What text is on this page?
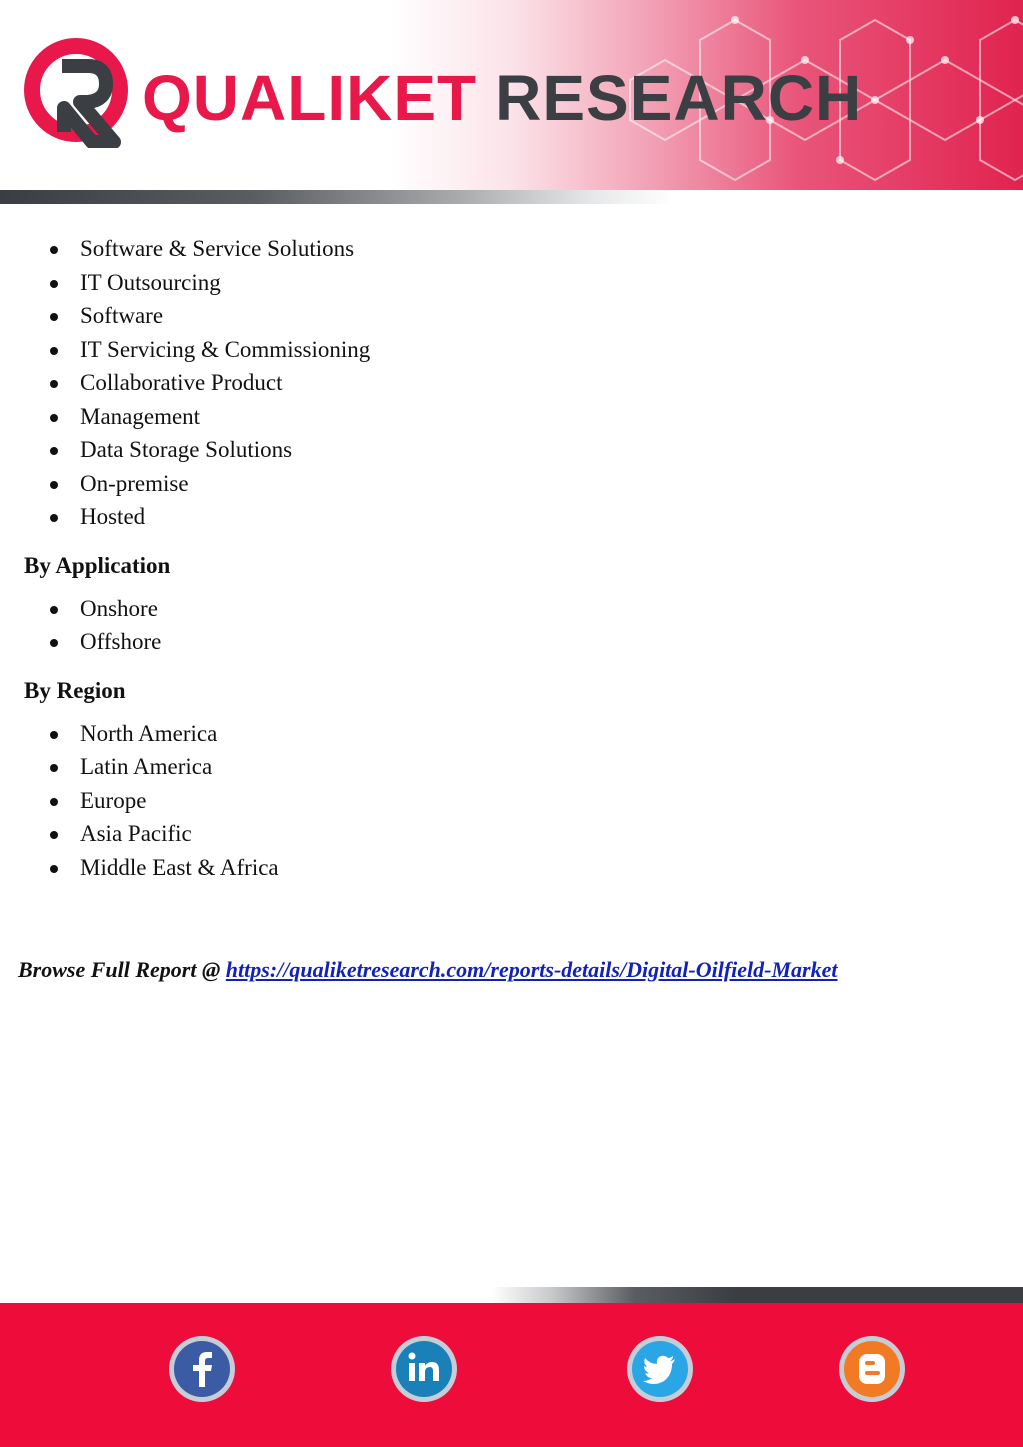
QUALIKET RESEARCH
Software & Service Solutions
IT Outsourcing
Software
IT Servicing & Commissioning
Collaborative Product
Management
Data Storage Solutions
On-premise
Hosted
By Application
Onshore
Offshore
By Region
North America
Latin America
Europe
Asia Pacific
Middle East & Africa
Browse Full Report @ https://qualiketresearch.com/reports-details/Digital-Oilfield-Market
